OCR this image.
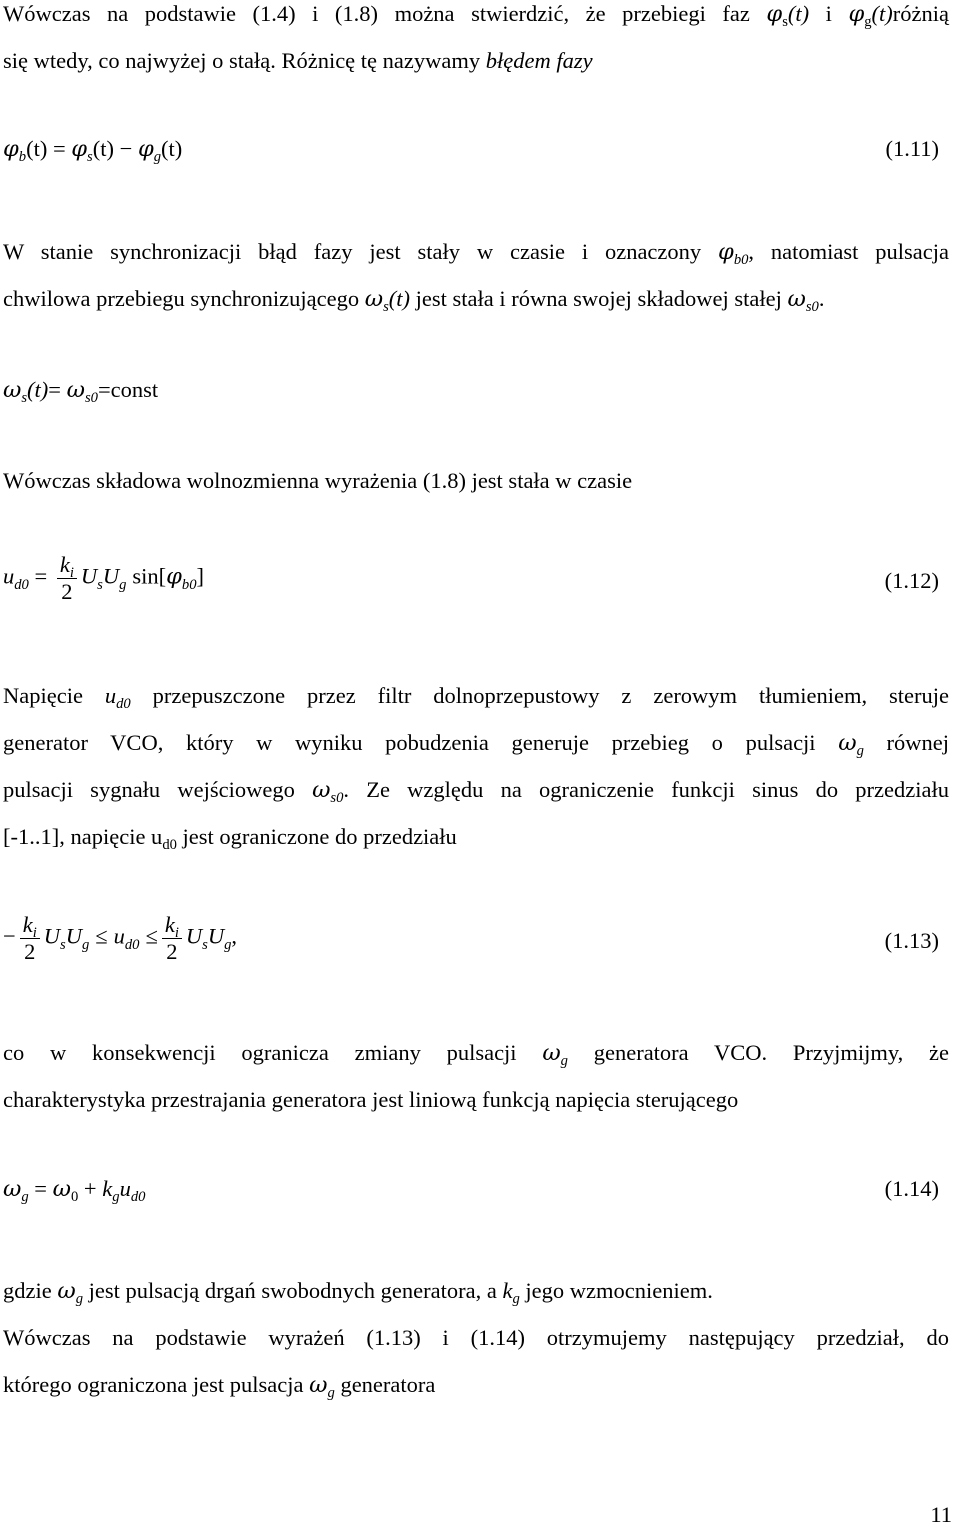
Wówczas na podstawie (1.4) i (1.8) można stwierdzić, że przebiegi faz $\varphi_s(t)$ i $\varphi_g(t)różnią$
się wtedy, co najwyżej o stałą. Różnicę tę nazywamy błędem fazy
$\varphi_b(t) = \varphi_s(t) - \varphi_g(t)$	(1.11)
W stanie synchronizacji błąd fazy jest stały w czasie i oznaczony $\varphi_{b0}$, natomiast pulsacja
chwilowa przebiegu synchronizującego $\omega_s(t)$ jest stała i równa swojej składowej stałej $\omega_{s0}$.
$\omega_s(t)=$ $\omega_{s0}=const$
Wówczas składowa wolnozmienna wyrażenia (1.8) jest stała w czasie
$u_{d0} = \frac{k_i}{2} U_sU_g$ $\sin[\varphi_{b0}]$	(1.12)
Napięcie $u_{d0}$ przepuszczone przez filtr dolnoprzepustowy z zerowym tłumieniem, steruje
generator VCO, który w wyniku pobudzenia generuje przebieg o pulsacji $\omega_g$ równej
pulsacji sygnału wejściowego $\omega_{s0}$. Ze względu na ograniczenie funkcji sinus do przedziału
[-1..1], napięcie $u_{d0}$ jest ograniczone do przedziału
− $\frac{k_i}{2} U_sU_g \le u_{d0} \le \frac{k_i}{2} U_sU_g$,	(1.13)
co w konsekwencji ogranicza zmiany pulsacji $\omega_g$ generatora VCO. Przyjmijmy, że
charakterystyka przestrajania generatora jest liniową funkcją napięcia sterującego
$\omega_g = \omega_0 + k_gu_{d0}$	(1.14)
gdzie $\omega_g$ jest pulsacją drgań swobodnych generatora, a $k_g$ jego wzmocnieniem.
Wówczas na podstawie wyrażeń (1.13) i (1.14) otrzymujemy następujący przedział, do
którego ograniczona jest pulsacja $\omega_g$ generatora
11
